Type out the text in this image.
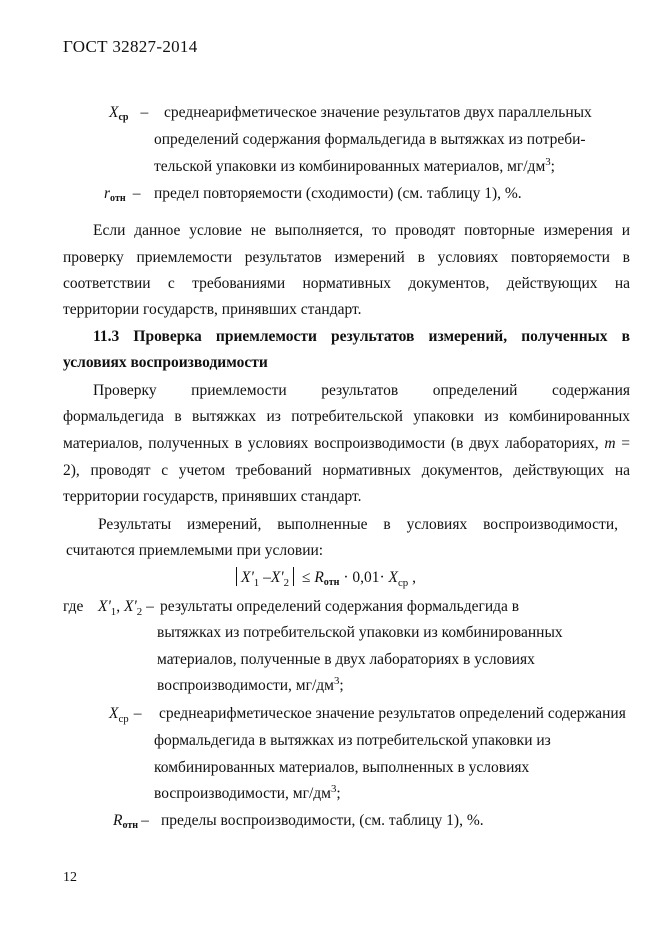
ГОСТ 32827-2014
Xср – среднеарифметическое значение результатов двух параллельных
определений содержания формальдегида в вытяжках из потреби-
тельской упаковки из комбинированных материалов, $мг/дм^3$;
rотн – предел повторяемости (сходимости) (см. таблицу 1), %.
Если данное условие не выполняется, то проводят повторные измерения и
проверку приемлемости результатов измерений в условиях повторяемости в
соответствии с требованиями нормативных документов, действующих на
территории государств, принявших стандарт.
11.3 Проверка приемлемости результатов измерений, полученных в
условиях воспроизводимости
Проверку приемлемости результатов определений содержания
формальдегида в вытяжках из потребительской упаковки из комбинированных
материалов, полученных в условиях воспроизводимости (в двух лабораториях, m =
2), проводят с учетом требований нормативных документов, действующих на
территории государств, принявших стандарт.
Результаты измерений, выполненные в условиях воспроизводимости,
считаются приемлемыми при условии:
$X'_1$ $-X'_2$ ≤ Rотн · $0,01\cdot X_{ср}$ ,
где $X'_1$, $X'_2$ – результаты определений содержания формальдегида в
вытяжках из потребительской упаковки из комбинированных
материалов, полученные в двух лабораториях в условиях
воспроизводимости, $мг/дм^3$;
$X_{ср}$ – среднеарифметическое значение результатов определений содержания
формальдегида в вытяжках из потребительской упаковки из
комбинированных материалов, выполненных в условиях
воспроизводимости, $мг/дм^3$;
Rотн – пределы воспроизводимости, (см. таблицу 1), %.
12
